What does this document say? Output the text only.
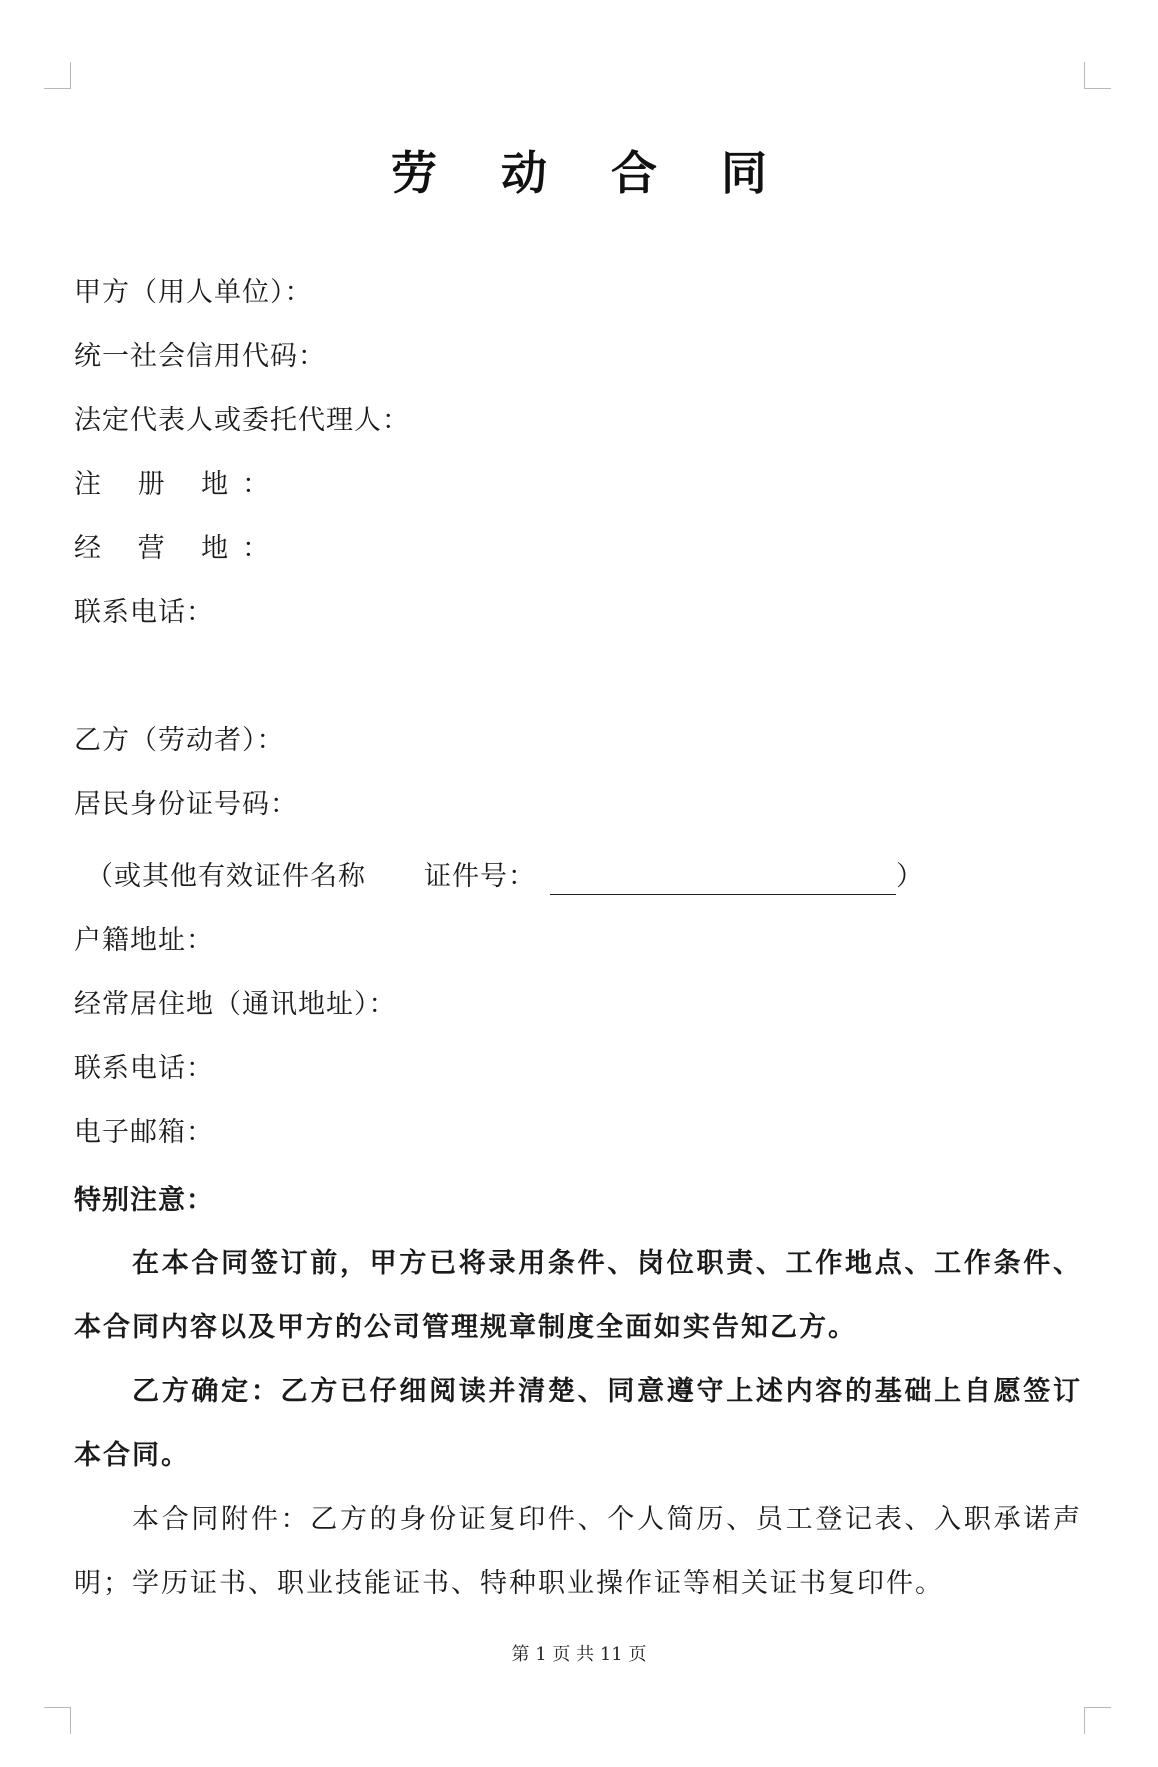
劳 动 合 同
甲方（用人单位）：
统一社会信用代码：
法定代表人或委托代理人：
注 册 地：
经 营 地：
联系电话：
乙方（劳动者）：
居民身份证号码：
（或其他有效证件名称 证件号：	）
户籍地址：
经常居住地（通讯地址）：
联系电话：
电子邮箱：
特别注意：
在本合同签订前，甲方已将录用条件、岗位职责、工作地点、工作条件、本合同内容以及甲方的公司管理规章制度全面如实告知乙方。
乙方确定：乙方已仔细阅读并清楚、同意遵守上述内容的基础上自愿签订本合同。
本合同附件：乙方的身份证复印件、个人简历、员工登记表、入职承诺声明；学历证书、职业技能证书、特种职业操作证等相关证书复印件。
第 1 页 共 11 页
